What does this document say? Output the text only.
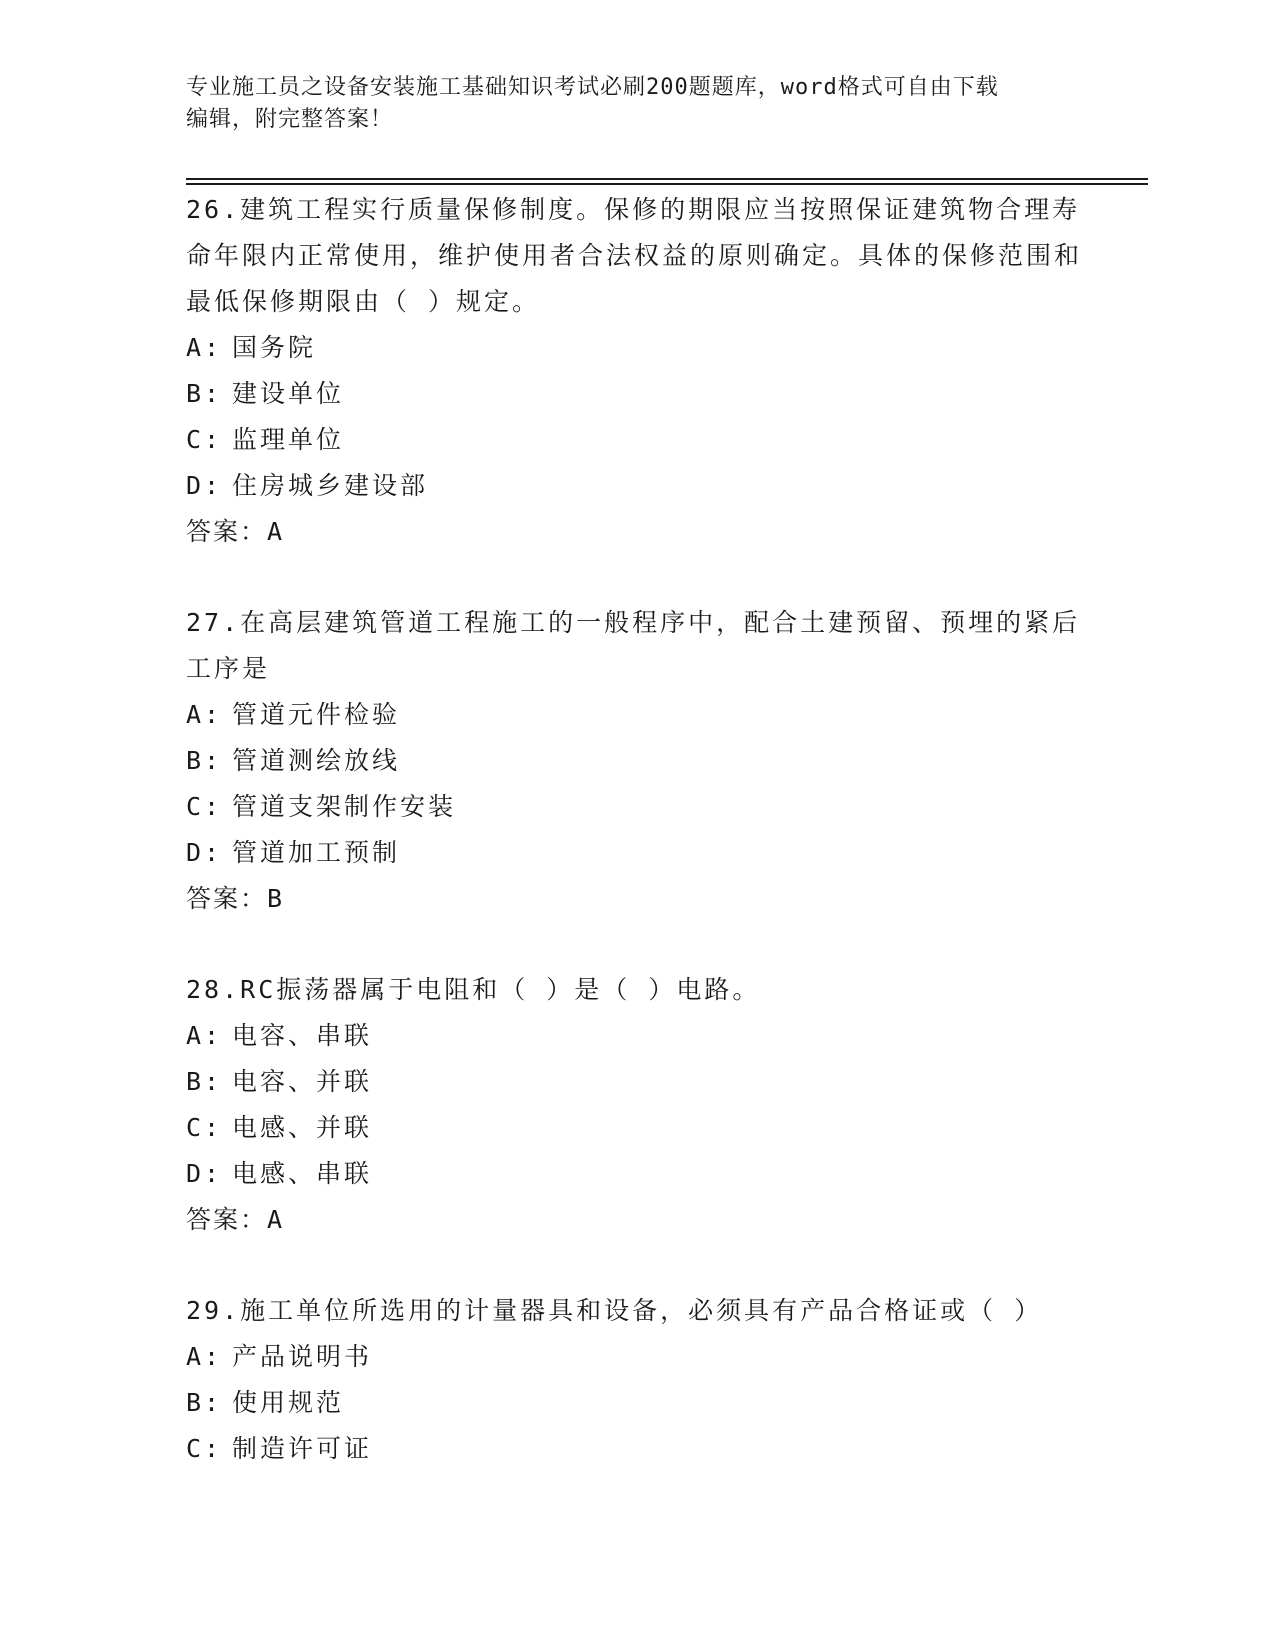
专业施工员之设备安装施工基础知识考试必刷200题题库，word格式可自由下载
编辑，附完整答案！

26.建筑工程实行质量保修制度。保修的期限应当按照保证建筑物合理寿命年限内正常使用，维护使用者合法权益的原则确定。具体的保修范围和最低保修期限由（ ）规定。

A: 国务院
B: 建设单位
C: 监理单位
D: 住房城乡建设部
答案：A

27.在高层建筑管道工程施工的一般程序中，配合土建预留、预埋的紧后工序是

A: 管道元件检验
B: 管道测绘放线
C: 管道支架制作安装
D: 管道加工预制
答案：B

28.RC振荡器属于电阻和（ ）是（ ）电路。

A: 电容、串联
B: 电容、并联
C: 电感、并联
D: 电感、串联
答案：A

29.施工单位所选用的计量器具和设备，必须具有产品合格证或（ ）

A: 产品说明书
B: 使用规范
C: 制造许可证
